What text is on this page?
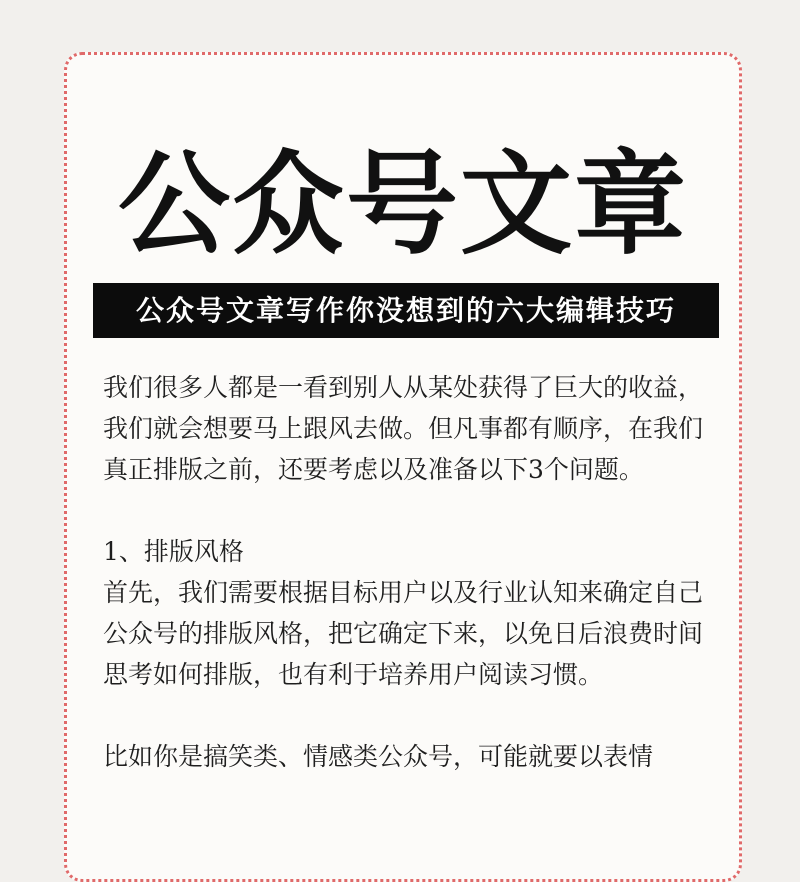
公众号文章
公众号文章写作你没想到的六大编辑技巧

我们很多人都是一看到别人从某处获得了巨大的收益，我们就会想要马上跟风去做。但凡事都有顺序，在我们真正排版之前，还要考虑以及准备以下3个问题。

1、排版风格

首先，我们需要根据目标用户以及行业认知来确定自己公众号的排版风格，把它确定下来，以免日后浪费时间思考如何排版，也有利于培养用户阅读习惯。

比如你是搞笑类、情感类公众号，可能就要以表情
